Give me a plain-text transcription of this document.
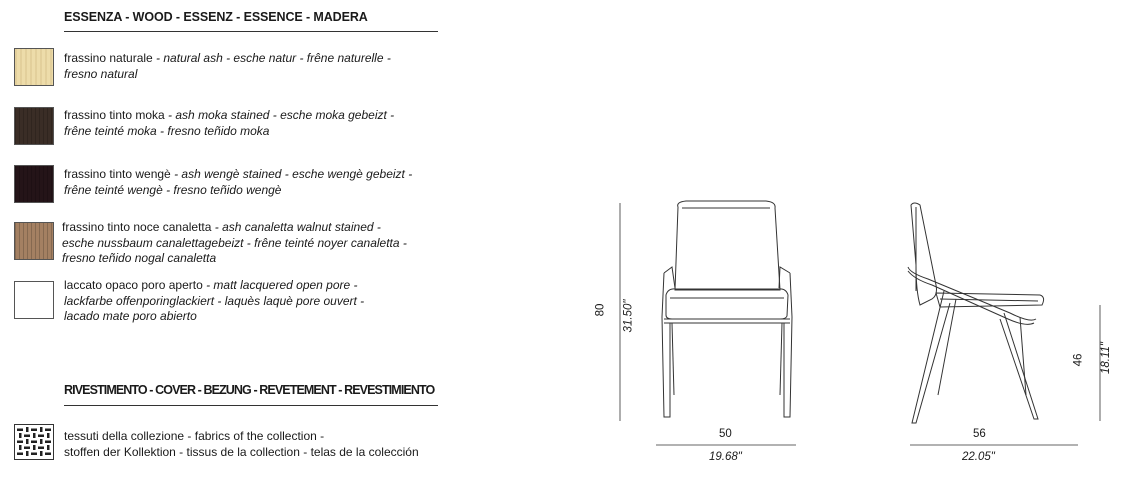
ESSENZA - WOOD - ESSENZ - ESSENCE - MADERA
frassino naturale - natural ash - esche natur - frêne naturelle -
fresno natural
frassino tinto moka - ash moka stained - esche moka gebeizt -
frêne teinté moka - fresno teñido moka
frassino tinto wengè - ash wengè stained - esche wengè gebeizt -
frêne teinté wengè - fresno teñido wengè
frassino tinto noce canaletta - ash canaletta walnut stained -
esche nussbaum canalettagebeizt - frêne teinté noyer canaletta -
fresno teñido nogal canaletta
laccato opaco poro aperto - matt lacquered open pore -
lackfarbe offenporinglackiert - laquès laquè pore ouvert -
lacado mate poro abierto
RIVESTIMENTO - COVER - BEZUNG - REVETEMENT - REVESTIMIENTO
tessuti della collezione - fabrics of the collection -
stoffen der Kollektion - tissus de la collection - telas de la colección
80 31.50"
50
19.68"
56
22.05"
46 18.11"
